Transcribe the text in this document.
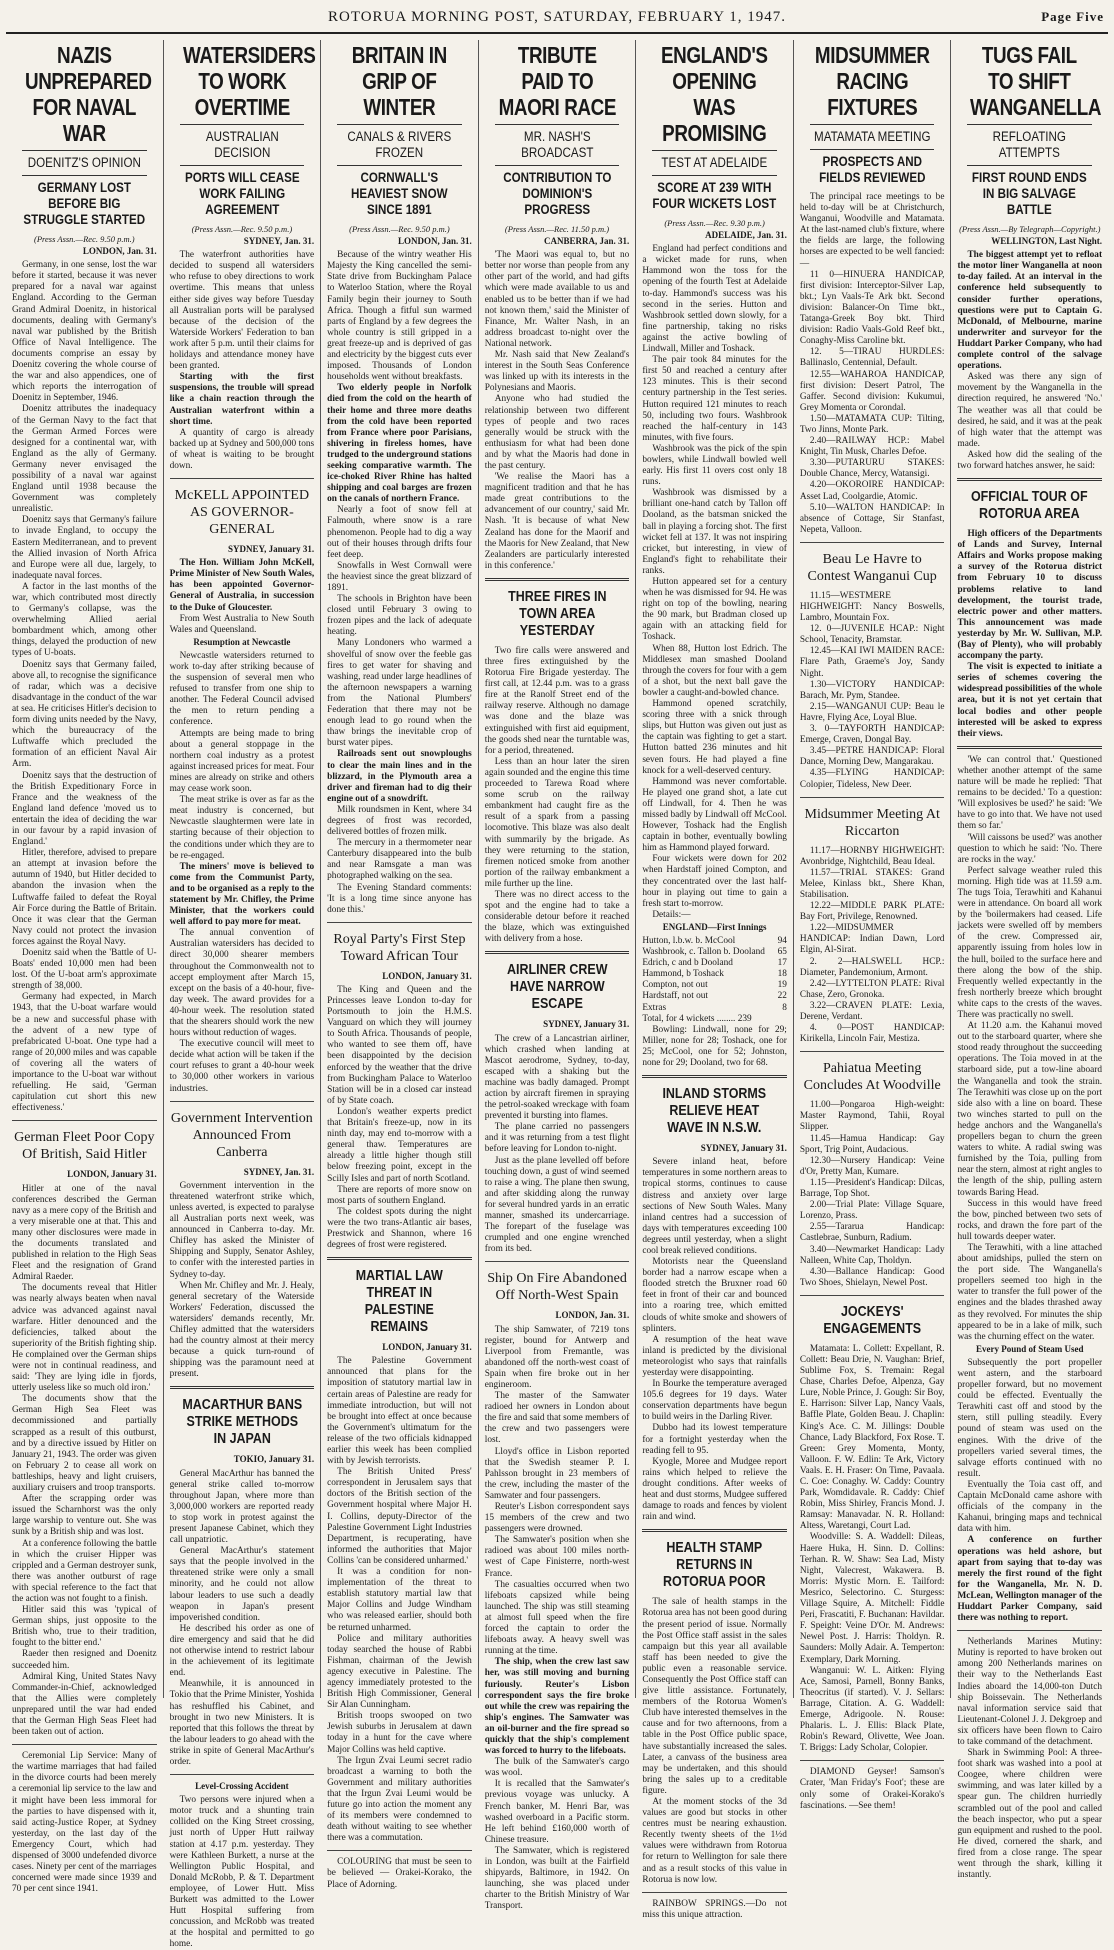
ROTORUA MORNING POST, SATURDAY, FEBRUARY 1, 1947.	Page Five
NAZIS UNPREPARED FOR NAVAL WAR
DOENITZ'S OPINION
GERMANY LOST BEFORE BIG STRUGGLE STARTED
(Press Assn.—Rec. 9.50 p.m.)
LONDON, Jan. 31.

Germany, in one sense, lost the war before it started, because it was never prepared for a naval war against England. According to the German Grand Admiral Doenitz, in historical documents, dealing with Germany's naval war published by the British Office of Naval Intelligence. The documents comprise an essay by Doenitz covering the whole course of the war and also appendices, one of which reports the interrogation of Doenitz in September, 1946.

Doenitz attributes the inadequacy of the German Navy to the fact that the German Armed Forces were designed for a continental war, with England as the ally of Germany. Germany never envisaged the possibility of a naval war against England until 1938 because the Government was completely unrealistic.

Doenitz says that Germany's failure to invade England, to occupy the Eastern Mediterranean, and to prevent the Allied invasion of North Africa and Europe were all due, largely, to inadequate naval forces.

A factor in the last months of the war, which contributed most directly to Germany's collapse, was the overwhelming Allied aerial bombardment which, among other things, delayed the production of new types of U-boats.

Doenitz says that Germany failed, above all, to recognise the significance of radar, which was a decisive disadvantage in the conduct of the war at sea. He criticises Hitler's decision to form diving units needed by the Navy, which the bureaucracy of the Luftwaffe which precluded the formation of an efficient Naval Air Arm.

Doenitz says that the destruction of the British Expeditionary Force in France and the weakness of the England land defence 'moved us to entertain the idea of deciding the war in our favour by a rapid invasion of England.'

Hitler, therefore, advised to prepare an attempt at invasion before the autumn of 1940, but Hitler decided to abandon the invasion when the Luftwaffe failed to defeat the Royal Air Force during the Battle of Britain. Once it was clear that the German Navy could not protect the invasion forces against the Royal Navy.

Doenitz said when the 'Battle of U-Boats' ended 10,000 men had been lost. Of the U-boat arm's approximate strength of 38,000.

Germany had expected, in March 1943, that the U-boat warfare would be a new and successful phase with the advent of a new type of prefabricated U-boat. One type had a range of 20,000 miles and was capable of covering all the waters of importance to the U-boat war without refuelling. He said, 'German capitulation cut short this new effectiveness.'

German Fleet Poor Copy Of British, Said Hitler
LONDON, January 31.

Hitler at one of the naval conferences described the German navy as a mere copy of the British and a very miserable one at that. This and many other disclosures were made in the documents translated and published in relation to the High Seas Fleet and the resignation of Grand Admiral Raeder.

The documents reveal that Hitler was nearly always beaten when naval advice was advanced against naval warfare. Hitler denounced and the deficiencies, talked about the superiority of the British fighting ship. He complained over the German ships were not in continual readiness, and said: 'They are lying idle in fjords, utterly useless like so much old iron.'

The documents show that the German High Sea Fleet was decommissioned and partially scrapped as a result of this outburst, and by a directive issued by Hitler on January 21, 1943. The order was given on February 2 to cease all work on battleships, heavy and light cruisers, auxiliary cruisers and troop transports.

After the scrapping order was issued the Scharnhorst was the only large warship to venture out. She was sunk by a British ship and was lost.

At a conference following the battle in which the cruiser Hipper was crippled and a German destroyer sunk, there was another outburst of rage with special reference to the fact that the action was not fought to a finish.

Hitler said this was 'typical of German ships, just opposite to the British who, true to their tradition, fought to the bitter end.'

Raeder then resigned and Doenitz succeeded him.

Admiral King, United States Navy Commander-in-Chief, acknowledged that the Allies were completely unprepared until the war had ended that the German High Seas Fleet had been taken out of action.

Ceremonial Lip Service: Many of the wartime marriages that had failed in the divorce courts had been merely a ceremonial lip service to the law and it might have been less immoral for the parties to have dispensed with it, said acting-Justice Roper, at Sydney yesterday, on the last day of the Emergency Court, which had dispensed of 3000 undefended divorce cases. Ninety per cent of the marriages concerned were made since 1939 and 70 per cent since 1941.

WATERSIDERS TO WORK OVERTIME
AUSTRALIAN DECISION
PORTS WILL CEASE WORK FAILING AGREEMENT
(Press Assn.—Rec. 9.50 p.m.)
SYDNEY, Jan. 31.

The waterfront authorities have decided to suspend all watersiders who refuse to obey directions to work overtime. This means that unless either side gives way before Tuesday all Australian ports will be paralysed because of the decision of the Waterside Workers' Federation to ban work after 5 p.m. until their claims for holidays and attendance money have been granted.

Starting with the first suspensions, the trouble will spread like a chain reaction through the Australian waterfront within a short time.

A quantity of cargo is already backed up at Sydney and 500,000 tons of wheat is waiting to be brought down.

McKELL APPOINTED AS GOVERNOR-GENERAL
SYDNEY, January 31.

The Hon. William John McKell, Prime Minister of New South Wales, has been appointed Governor-General of Australia, in succession to the Duke of Gloucester.

From West Australia to New South Wales and Queensland.

Resumption at Newcastle

Newcastle watersiders returned to work to-day after striking because of the suspension of several men who refused to transfer from one ship to another. The Federal Council advised the men to return pending a conference.

Attempts are being made to bring about a general stoppage in the northern coal industry as a protest against increased prices for meat. Four mines are already on strike and others may cease work soon.

The meat strike is over as far as the meat industry is concerned, but Newcastle slaughtermen were late in starting because of their objection to the conditions under which they are to be re-engaged.

The miners' move is believed to come from the Communist Party, and to be organised as a reply to the statement by Mr. Chifley, the Prime Minister, that the workers could well afford to pay more for meat.

The annual convention of Australian watersiders has decided to direct 30,000 shearer members throughout the Commonwealth not to accept employment after March 15, except on the basis of a 40-hour, five-day week. The award provides for a 40-hour week. The resolution stated that the shearers should work the new hours without reduction of wages.

The executive council will meet to decide what action will be taken if the court refuses to grant a 40-hour week to 30,000 other workers in various industries.

Government Intervention Announced From Canberra
SYDNEY, Jan. 31.

Government intervention in the threatened waterfront strike which, unless averted, is expected to paralyse all Australian ports next week, was announced in Canberra to-day. Mr. Chifley has asked the Minister of Shipping and Supply, Senator Ashley, to confer with the interested parties in Sydney to-day.

When Mr. Chifley and Mr. J. Healy, general secretary of the Waterside Workers' Federation, discussed the watersiders' demands recently, Mr. Chifley admitted that the watersiders had the country almost at their mercy because a quick turn-round of shipping was the paramount need at present.

MACARTHUR BANS STRIKE METHODS IN JAPAN
TOKIO, January 31.

General MacArthur has banned the general strike called to-morrow throughout Japan, where more than 3,000,000 workers are reported ready to stop work in protest against the present Japanese Cabinet, which they call unpatriotic.

General MacArthur's statement says that the people involved in the threatened strike were only a small minority, and he could not allow labour leaders to use such a deadly weapon in Japan's present impoverished condition.

He described his order as one of dire emergency and said that he did not otherwise intend to restrict labour in the achievement of its legitimate end.

Meanwhile, it is announced in Tokio that the Prime Minister, Yoshida has reshuffled his Cabinet, and brought in two new Ministers. It is reported that this follows the threat by the labour leaders to go ahead with the strike in spite of General MacArthur's order.

Level-Crossing Accident

Two persons were injured when a motor truck and a shunting train collided on the King Street crossing, just north of Upper Hutt railway station at 4.17 p.m. yesterday. They were Kathleen Burkett, a nurse at the Wellington Public Hospital, and Donald McRobb, P. & T. Department employee, of Lower Hutt. Miss Burkett was admitted to the Lower Hutt Hospital suffering from concussion, and McRobb was treated at the hospital and permitted to go home.

BRITAIN IN GRIP OF WINTER
CANALS & RIVERS FROZEN
CORNWALL'S HEAVIEST SNOW SINCE 1891
(Press Assn.—Rec. 9.50 p.m.)
LONDON, Jan. 31.

Because of the wintry weather His Majesty the King cancelled the semi-State drive from Buckingham Palace to Waterloo Station, where the Royal Family begin their journey to South Africa. Though a fitful sun warmed parts of England by a few degrees the whole country is still gripped in a great freeze-up and is deprived of gas and electricity by the biggest cuts ever imposed. Thousands of London households went without breakfasts.

Two elderly people in Norfolk died from the cold on the hearth of their home and three more deaths from the cold have been reported from France where poor Parisians, shivering in fireless homes, have trudged to the underground stations seeking comparative warmth. The ice-choked River Rhine has halted shipping and coal barges are frozen on the canals of northern France.

Nearly a foot of snow fell at Falmouth, where snow is a rare phenomenon. People had to dig a way out of their houses through drifts four feet deep.

Snowfalls in West Cornwall were the heaviest since the great blizzard of 1891.

The schools in Brighton have been closed until February 3 owing to frozen pipes and the lack of adequate heating.

Many Londoners who warmed a shovelful of snow over the feeble gas fires to get water for shaving and washing, read under large headlines of the afternoon newspapers a warning from the National Plumbers' Federation that there may not be enough lead to go round when the thaw brings the inevitable crop of burst water pipes.

Railroads sent out snowploughs to clear the main lines and in the blizzard, in the Plymouth area a driver and fireman had to dig their engine out of a snowdrift.

Milk roundsmen in Kent, where 34 degrees of frost was recorded, delivered bottles of frozen milk.

The mercury in a thermometer near Canterbury disappeared into the bulb and near Ramsgate a man was photographed walking on the sea.

The Evening Standard comments: 'It is a long time since anyone has done this.'

Royal Party's First Step Toward African Tour
LONDON, January 31.

The King and Queen and the Princesses leave London to-day for Portsmouth to join the H.M.S. Vanguard on which they will journey to South Africa. Thousands of people, who wanted to see them off, have been disappointed by the decision enforced by the weather that the drive from Buckingham Palace to Waterloo Station will be in a closed car instead of by State coach.

London's weather experts predict that Britain's freeze-up, now in its ninth day, may end to-morrow with a general thaw. Temperatures are already a little higher though still below freezing point, except in the Scilly Isles and part of north Scotland.

There are reports of more snow on most parts of southern England.

The coldest spots during the night were the two trans-Atlantic air bases, Prestwick and Shannon, where 16 degrees of frost were registered.

MARTIAL LAW THREAT IN PALESTINE REMAINS
LONDON, January 31.

The Palestine Government announced that plans for the imposition of statutory martial law in certain areas of Palestine are ready for immediate introduction, but will not be brought into effect at once because the Government's ultimatum for the release of the two officials kidnapped earlier this week has been complied with by Jewish terrorists.

The British United Press' correspondent in Jerusalem says that doctors of the British section of the Government hospital where Major H. I. Collins, deputy-Director of the Palestine Government Light Industries Department, is recuperating, have informed the authorities that Major Collins 'can be considered unharmed.'

It was a condition for non-implementation of the threat to establish statutory martial law that Major Collins and Judge Windham who was released earlier, should both be returned unharmed.

Police and military authorities today searched the house of Rabbi Fishman, chairman of the Jewish agency executive in Palestine. The agency immediately protested to the British High Commissioner, General Sir Alan Cunningham.

British troops swooped on two Jewish suburbs in Jerusalem at dawn today in a hunt for the cave where Major Collins was held captive.

The Irgun Zvai Leumi secret radio broadcast a warning to both the Government and military authorities that the Irgun Zvai Leumi would be future go into action the moment any of its members were condemned to death without waiting to see whether there was a commutation.

COLOURING that must be seen to be believed — Orakei-Korako, the Place of Adorning.

TRIBUTE PAID TO MAORI RACE
MR. NASH'S BROADCAST
CONTRIBUTION TO DOMINION'S PROGRESS
(Press Assn.—Rec. 11.50 p.m.)
CANBERRA, Jan. 31.

'The Maori was equal to, but no better nor worse than people from any other part of the world, and had gifts which were made available to us and enabled us to be better than if we had not known them,' said the Minister of Finance, Mr. Walter Nash, in an address broadcast to-night over the National network.

Mr. Nash said that New Zealand's interest in the South Seas Conference was linked up with its interests in the Polynesians and Maoris.

Anyone who had studied the relationship between two different types of people and two races generally would be struck with the enthusiasm for what had been done and by what the Maoris had done in the past century.

'We realise the Maori has a magnificent tradition and that he has made great contributions to the advancement of our country,' said Mr. Nash. 'It is because of what New Zealand has done for the Maorif and the Maoris for New Zealand, that New Zealanders are particularly interested in this conference.'

THREE FIRES IN TOWN AREA YESTERDAY

Two fire calls were answered and three fires extinguished by the Rotorua Fire Brigade yesterday. The first call, at 12.44 p.m. was to a grass fire at the Ranolf Street end of the railway reserve. Although no damage was done and the blaze was extinguished with first aid equipment, the goods shed near the turntable was, for a period, threatened.

Less than an hour later the siren again sounded and the engine this time proceeded to Tarewa Road where some scrub on the railway embankment had caught fire as the result of a spark from a passing locomotive. This blaze was also dealt with summarily by the brigade. As they were returning to the station, firemen noticed smoke from another portion of the railway embankment a mile further up the line.

There was no direct access to the spot and the engine had to take a considerable detour before it reached the blaze, which was extinguished with delivery from a hose.

AIRLINER CREW HAVE NARROW ESCAPE
SYDNEY, January 31.

The crew of a Lancastrian airliner, which crashed when landing at Mascot aerodrome, Sydney, to-day, escaped with a shaking but the machine was badly damaged. Prompt action by aircraft firemen in spraying the petrol-soaked wreckage with foam prevented it bursting into flames.

The plane carried no passengers and it was returning from a test flight before leaving for London to-night.

Just as the plane levelled off before touching down, a gust of wind seemed to raise a wing. The plane then swung, and after skidding along the runway for several hundred yards in an erratic manner, smashed its undercarriage. The forepart of the fuselage was crumpled and one engine wrenched from its bed.

Ship On Fire Abandoned Off North-West Spain
LONDON, Jan. 31.

The ship Samwater, of 7219 tons register, bound for Antwerp and Liverpool from Fremantle, was abandoned off the north-west coast of Spain when fire broke out in her engineroom.

The master of the Samwater radioed her owners in London about the fire and said that some members of the crew and two passengers were lost.

Lloyd's office in Lisbon reported that the Swedish steamer P. I. Pahlsson brought in 23 members of the crew, including the master of the Samwater and four passengers.

Reuter's Lisbon correspondent says 15 members of the crew and two passengers were drowned.

The Samwater's position when she radioed was about 100 miles north-west of Cape Finisterre, north-west France.

The casualties occurred when two lifeboats capsized while being launched. The ship was still steaming at almost full speed when the fire forced the captain to order the lifeboats away. A heavy swell was running at the time.

The ship, when the crew last saw her, was still moving and burning furiously. Reuter's Lisbon correspondent says the fire broke out while the crew was repairing the ship's engines. The Samwater was an oil-burner and the fire spread so quickly that the ship's complement was forced to hurry to the lifeboats.

The bulk of the Samwater's cargo was wool.

It is recalled that the Samwater's previous voyage was unlucky. A French banker, M. Henri Bar, was washed overboard in a Pacific storm. He left behind £160,000 worth of Chinese treasure.

The Samwater, which is registered in London, was built at the Fairfield shipyards, Baltimore, in 1942. On launching, she was placed under charter to the British Ministry of War Transport.

ENGLAND'S OPENING WAS PROMISING
TEST AT ADELAIDE
SCORE AT 239 WITH FOUR WICKETS LOST
(Press Assn.—Rec. 9.30 p.m.)
ADELAIDE, Jan. 31.

England had perfect conditions and a wicket made for runs, when Hammond won the toss for the opening of the fourth Test at Adelaide to-day. Hammond's success was his second in the series. Hutton and Washbrook settled down slowly, for a fine partnership, taking no risks against the active bowling of Lindwall, Miller and Toshack.

The pair took 84 minutes for the first 50 and reached a century after 123 minutes. This is their second century partnership in the Test series. Hutton required 121 minutes to reach 50, including two fours. Washbrook reached the half-century in 143 minutes, with five fours.

Washbrook was the pick of the spin bowlers, while Lindwall bowled well early. His first 11 overs cost only 18 runs.

Washbrook was dismissed by a brilliant one-hand catch by Tallon off Dooland, as the batsman snicked the ball in playing a forcing shot. The first wicket fell at 137. It was not inspiring cricket, but interesting, in view of England's fight to rehabilitate their ranks.

Hutton appeared set for a century when he was dismissed for 94. He was right on top of the bowling, nearing the 90 mark, but Bradman closed up again with an attacking field for Toshack.

When 88, Hutton lost Edrich. The Middlesex man smashed Dooland through the covers for four with a gem of a shot, but the next ball gave the bowler a caught-and-bowled chance.

Hammond opened scratchily, scoring three with a snick through slips, but Hutton was given out just as the captain was fighting to get a start. Hutton batted 236 minutes and hit seven fours. He had played a fine knock for a well-deserved century.

Hammond was never comfortable. He played one grand shot, a late cut off Lindwall, for 4. Then he was missed badly by Lindwall off McCool. However, Toshack had the English captain in bother, eventually bowling him as Hammond played forward.

Four wickets were down for 202 when Hardstaff joined Compton, and they concentrated over the last half-hour in playing out time to gain a fresh start to-morrow.

Details:—

ENGLAND—First Innings
Hutton, l.b.w. b. McCool	94
Washbrook, c. Tallon b. Dooland 65
Edrich, c and b Dooland	17
Hammond, b Toshack	18
Compton, not out	19
Hardstaff, not out	22
Extras	8
Total, for 4 wickets ........ 239

Bowling: Lindwall, none for 29; Miller, none for 28; Toshack, one for 25; McCool, one for 52; Johnston, none for 29; Dooland, two for 68.

INLAND STORMS RELIEVE HEAT WAVE IN N.S.W.
SYDNEY, January 31.

Severe inland heat, before temperatures in some northern areas to tropical storms, continues to cause distress and anxiety over large sections of New South Wales. Many inland centres had a succession of days with temperatures exceeding 100 degrees until yesterday, when a slight cool break relieved conditions.

Motorists near the Queensland border had a narrow escape when a flooded stretch the Bruxner road 60 feet in front of their car and bounced into a roaring tree, which emitted clouds of white smoke and showers of splinters.

A resumption of the heat wave inland is predicted by the divisional meteorologist who says that rainfalls yesterday were disappointing.

In Bourke the temperature averaged 105.6 degrees for 19 days. Water conservation departments have begun to build weirs in the Darling River.

Dubbo had its lowest temperature for a fortnight yesterday when the reading fell to 95.

Kyogle, Moree and Mudgee report rains which helped to relieve the drought conditions. After weeks of heat and dust storms, Mudgee suffered damage to roads and fences by violent rain and wind.

HEALTH STAMP RETURNS IN ROTORUA POOR

The sale of health stamps in the Rotorua area has not been good during the present period of issue. Normally the Post Office staff assist in the sales campaign but this year all available staff has been needed to give the public even a reasonable service. Consequently the Post Office staff can give little assistance. Fortunately, members of the Rotorua Women's Club have interested themselves in the cause and for two afternoons, from a table in the Post Office public space, have substantially increased the sales. Later, a canvass of the business area may be undertaken, and this should bring the sales up to a creditable figure.

At the moment stocks of the 3d values are good but stocks in other centres must be nearing exhaustion. Recently twenty sheets of the 1½d values were withdrawn from Rotorua for return to Wellington for sale there and as a result stocks of this value in Rotorua is now low.

RAINBOW SPRINGS.—Do not miss this unique attraction.

MIDSUMMER RACING FIXTURES
MATAMATA MEETING
PROSPECTS AND FIELDS REVIEWED

The principal race meetings to be held to-day will be at Christchurch, Wanganui, Woodville and Matamata. At the last-named club's fixture, where the fields are large, the following horses are expected to be well fancied:—

11 0—HINUERA HANDICAP, first division: Interceptor-Silver Lap, bkt.; Lyn Vaals-Te Ark bkt. Second division: Balancer-On Time bkt., Tatanga-Greek Boy bkt. Third division: Radio Vaals-Gold Reef bkt., Conaghy-Miss Caroline bkt.

12. 5—TIRAU HURDLES: Ballinaslo, Centennial, Default.

12.55—WAHAROA HANDICAP, first division: Desert Patrol, The Gaffer. Second division: Kukumui, Grey Momenta or Corondal.

1.50—MATAMATA CUP: Tilting, Two Jinns, Monte Park.

2.40—RAILWAY HCP.: Mabel Knight, Tin Musk, Charles Defoe.

3.30—PUTARURU STAKES: Double Chance, Mercy, Watansigi.

4.20—OKOROIRE HANDICAP: Asset Lad, Coolgardie, Atomic.

5.10—WALTON HANDICAP: In absence of Cottage, Sir Stanfast, Nepeta, Valloon.

Beau Le Havre to Contest Wanganui Cup

11.15—WESTMERE HIGHWEIGHT: Nancy Boswells, Lambro, Mountain Fox.

12. 0—JUVENILE HCAP.: Night School, Tenacity, Bramstar.

12.45—KAI IWI MAIDEN RACE: Flare Path, Graeme's Joy, Sandy Night.

1.30—VICTORY HANDICAP: Barach, Mr. Pym, Standee.

2.15—WANGANUI CUP: Beau le Havre, Flying Ace, Loyal Blue.

3. 0—TAYFORTH HANDICAP: Emerge, Craven, Dongal Bay.

3.45—PETRE HANDICAP: Floral Dance, Morning Dew, Mangarakau.

4.35—FLYING HANDICAP: Colopier, Tideless, New Deer.

Midsummer Meeting At Riccarton

11.17—HORNBY HIGHWEIGHT: Avonbridge, Nightchild, Beau Ideal.

11.57—TRIAL STAKES: Grand Melee, Kinlass bkt., Shere Khan, Stabilisation.

12.22—MIDDLE PARK PLATE: Bay Fort, Privilege, Renowned.

1.22—MIDSUMMER HANDICAP: Indian Dawn, Lord Elgin, Al-Sirat.

2. 2—HALSWELL HCP.: Diameter, Pandemonium, Armont.

2.42—LYTTELTON PLATE: Rival Chase, Zero, Gronoka.

3.22—CRAVEN PLATE: Lexia, Derene, Verdant.

4. 0—POST HANDICAP: Kirikella, Lincoln Fair, Mestiza.

Pahiatua Meeting Concludes At Woodville

11.00—Pongaroa High-weight: Master Raymond, Tahii, Royal Slipper.

11.45—Hamua Handicap: Gay Sport, Trig Point, Audacious.

12.30—Nursery Handicap: Veine d'Or, Pretty Man, Kumare.

1.15—President's Handicap: Dilcas, Barrage, Top Shot.

2.00—Trial Plate: Village Square, Lorenzo, Prass.

2.55—Tararua Handicap: Castlebrae, Sunburn, Radium.

3.40—Newmarket Handicap: Lady Nalleen, White Cap, Tholdyn.

4.30—Ballance Handicap: Good Two Shoes, Shielayn, Newel Post.

JOCKEYS' ENGAGEMENTS

Matamata: L. Collett: Expellant, R. Collett: Beau Drie, N. Vaughan: Brief, Sublime Fox, S. Tremain: Regal Chase, Charles Defoe, Alpenza, Gay Lure, Noble Prince, J. Gough: Sir Boy, E. Harrison: Silver Lap, Nancy Vaals, Baffle Plate, Golden Beau. J. Chaplin: King's Ace. C. M. Jillings: Double Chance, Lady Blackford, Fox Rose. T. Green: Grey Momenta, Monty, Valloon. F. W. Edlin: Te Ark, Victory Vaals. E. H. Fraser: On Time, Pavaala. C. Coe: Conaghy. W. Caddy: Country Park, Womdidavale. R. Caddy: Chief Robin, Miss Shirley, Francis Mond. J. Ramsay: Manavadar. N. R. Holland: Altess, Waretangi, Court Lad.

Woodville: S. A. Waddell: Dileas, Haere Huka, H. Sinn. D. Collins: Terhan. R. W. Shaw: Sea Lad, Misty Night, Valecrest, Wakawera. B. Morris: Mystic Morn. E. Tailford: Mesrico, Selectorino. C. Sturgess: Village Squire, A. Mitchell: Fiddle Peri, Frascatiti, F. Buchanan: Havildar. F. Speight: Veine D'Or. M. Andrews: Newel Post. J. Harris: Tholdyn. R. Saunders: Molly Adair. A. Temperton: Exemplary, Dark Morning.

Wanganui: W. L. Aitken: Flying Ace, Samosi, Parnell, Bonny Banks, Theocritus (if started). V. J. Sellars: Barrage, Citation. A. G. Waddell: Emerge, Adrigoole. N. Rouse: Phalaris. L. J. Ellis: Black Plate, Robin's Reward, Olivette, Wee Joan. T. Briggs: Lady Scholar, Colopier.

DIAMOND Geyser! Samson's Crater, 'Man Friday's Foot'; these are only some of Orakei-Korako's fascinations. —See them!

TUGS FAIL TO SHIFT WANGANELLA
REFLOATING ATTEMPTS
FIRST ROUND ENDS IN BIG SALVAGE BATTLE
(Press Assn.—By Telegraph—Copyright.)
WELLINGTON, Last Night.

The biggest attempt yet to refloat the motor liner Wanganella at noon to-day failed. At an interval in the conference held subsequently to consider further operations, questions were put to Captain G. McDonald, of Melbourne, marine underwriter and surveyor for the Huddart Parker Company, who had complete control of the salvage operations.

Asked was there any sign of movement by the Wanganella in the direction required, he answered 'No.' The weather was all that could be desired, he said, and it was at the peak of high water that the attempt was made.

Asked how did the sealing of the two forward hatches answer, he said:

OFFICIAL TOUR OF ROTORUA AREA

High officers of the Departments of Lands and Survey, Internal Affairs and Works propose making a survey of the Rotorua district from February 10 to discuss problems relative to land development, the tourist trade, electric power and other matters. This announcement was made yesterday by Mr. W. Sullivan, M.P. (Bay of Plenty), who will probably accompany the party.

The visit is expected to initiate a series of schemes covering the widespread possibilities of the whole area, but it is not yet certain that local bodies and other people interested will be asked to express their views.

'We can control that.' Questioned whether another attempt of the same nature will be made he replied: 'That remains to be decided.' To a question: 'Will explosives be used?' he said: 'We have to go into that. We have not used them so far.'

'Will caissons be used?' was another question to which he said: 'No. There are rocks in the way.'

Perfect salvage weather ruled this morning. High tide was at 11.59 a.m. The tugs Toia, Terawhiti and Kahanui were in attendance. On board all work by the 'boilermakers had ceased. Life jackets were swelled off by members of the crew. Compressed air, apparently issuing from holes low in the hull, boiled to the surface here and there along the bow of the ship. Frequently welled expectantly in the fresh northerly breeze which brought white caps to the crests of the waves. There was practically no swell.

At 11.20 a.m. the Kahanui moved out to the starboard quarter, where she stood ready throughout the succeeding operations. The Toia moved in at the starboard side, put a tow-line aboard the Wanganella and took the strain. The Terawhiti was close up on the port side also with a line on board. These two winches started to pull on the hedge anchors and the Wanganella's propellers began to churn the green waters to white. A radial swing was furnished by the Toia, pulling from near the stern, almost at right angles to the length of the ship, pulling astern towards Baring Head.

Success in this would have freed the bow, pinched between two sets of rocks, and drawn the fore part of the hull towards deeper water.

The Terawhiti, with a line attached about amidships, pulled the stern on the port side. The Wanganella's propellers seemed too high in the water to transfer the full power of the engines and the blades thrashed away as they revolved. For minutes the ship appeared to be in a lake of milk, such was the churning effect on the water.

Every Pound of Steam Used

Subsequently the port propeller went astern, and the starboard propeller forward, but no movement could be effected. Eventually the Terawhiti cast off and stood by the stern, still pulling steadily. Every pound of steam was used on the engines. With the drive of the propellers varied several times, the salvage efforts continued with no result.

Eventually the Toia cast off, and Captain McDonald came ashore with officials of the company in the Kahanui, bringing maps and technical data with him.

A conference on further operations was held ashore, but apart from saying that to-day was merely the first round of the fight for the Wanganella, Mr. N. D. McLean, Wellington manager of the Huddart Parker Company, said there was nothing to report.

Netherlands Marines Mutiny: Mutiny is reported to have broken out among 200 Netherlands marines on their way to the Netherlands East Indies aboard the 14,000-ton Dutch ship Boissevain. The Netherlands naval information service said that Lieutenant-Colonel J. J. Dekgroep and six officers have been flown to Cairo to take command of the detachment.

Shark in Swimming Pool: A three-foot shark was washed into a pool at Coogee, where children were swimming, and was later killed by a spear gun. The children hurriedly scrambled out of the pool and called the beach inspector, who put a spear gun equipment and rushed to the pool. He dived, cornered the shark, and fired from a close range. The spear went through the shark, killing it instantly.
